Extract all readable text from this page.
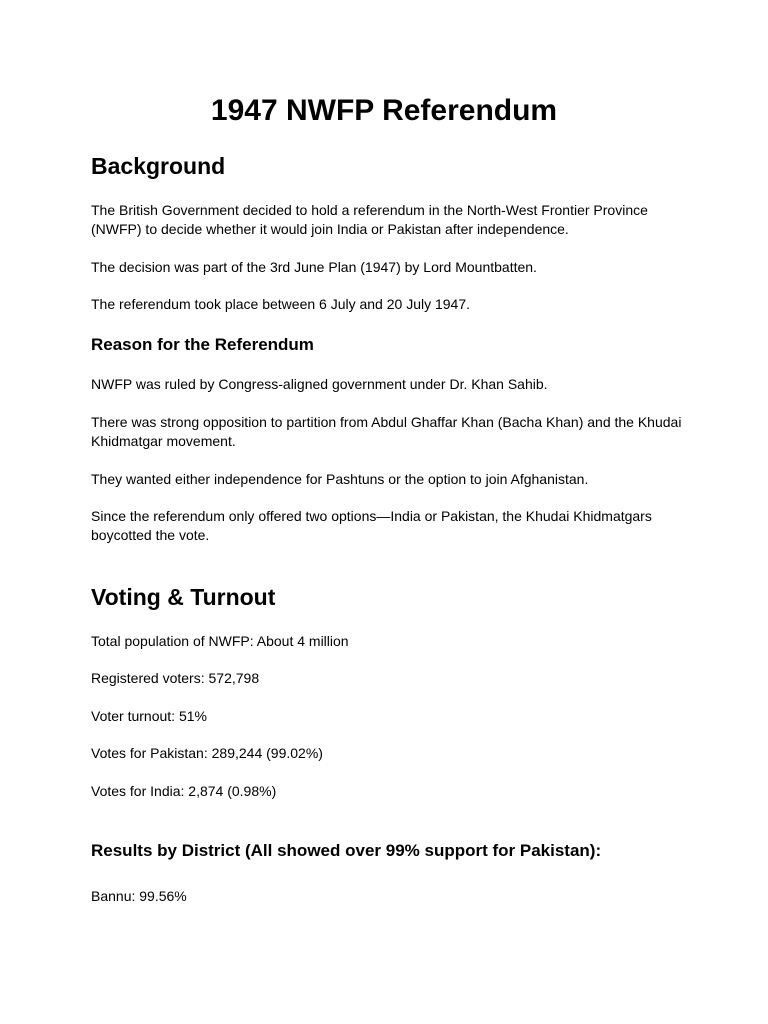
1947 NWFP Referendum
Background

The British Government decided to hold a referendum in the North-West Frontier Province (NWFP) to decide whether it would join India or Pakistan after independence.

The decision was part of the 3rd June Plan (1947) by Lord Mountbatten.

The referendum took place between 6 July and 20 July 1947.

Reason for the Referendum

NWFP was ruled by Congress-aligned government under Dr. Khan Sahib.

There was strong opposition to partition from Abdul Ghaffar Khan (Bacha Khan) and the Khudai Khidmatgar movement.

They wanted either independence for Pashtuns or the option to join Afghanistan.

Since the referendum only offered two options—India or Pakistan, the Khudai Khidmatgars boycotted the vote.

Voting & Turnout

Total population of NWFP: About 4 million

Registered voters: 572,798

Voter turnout: 51%

Votes for Pakistan: 289,244 (99.02%)

Votes for India: 2,874 (0.98%)

Results by District (All showed over 99% support for Pakistan):

Bannu: 99.56%
